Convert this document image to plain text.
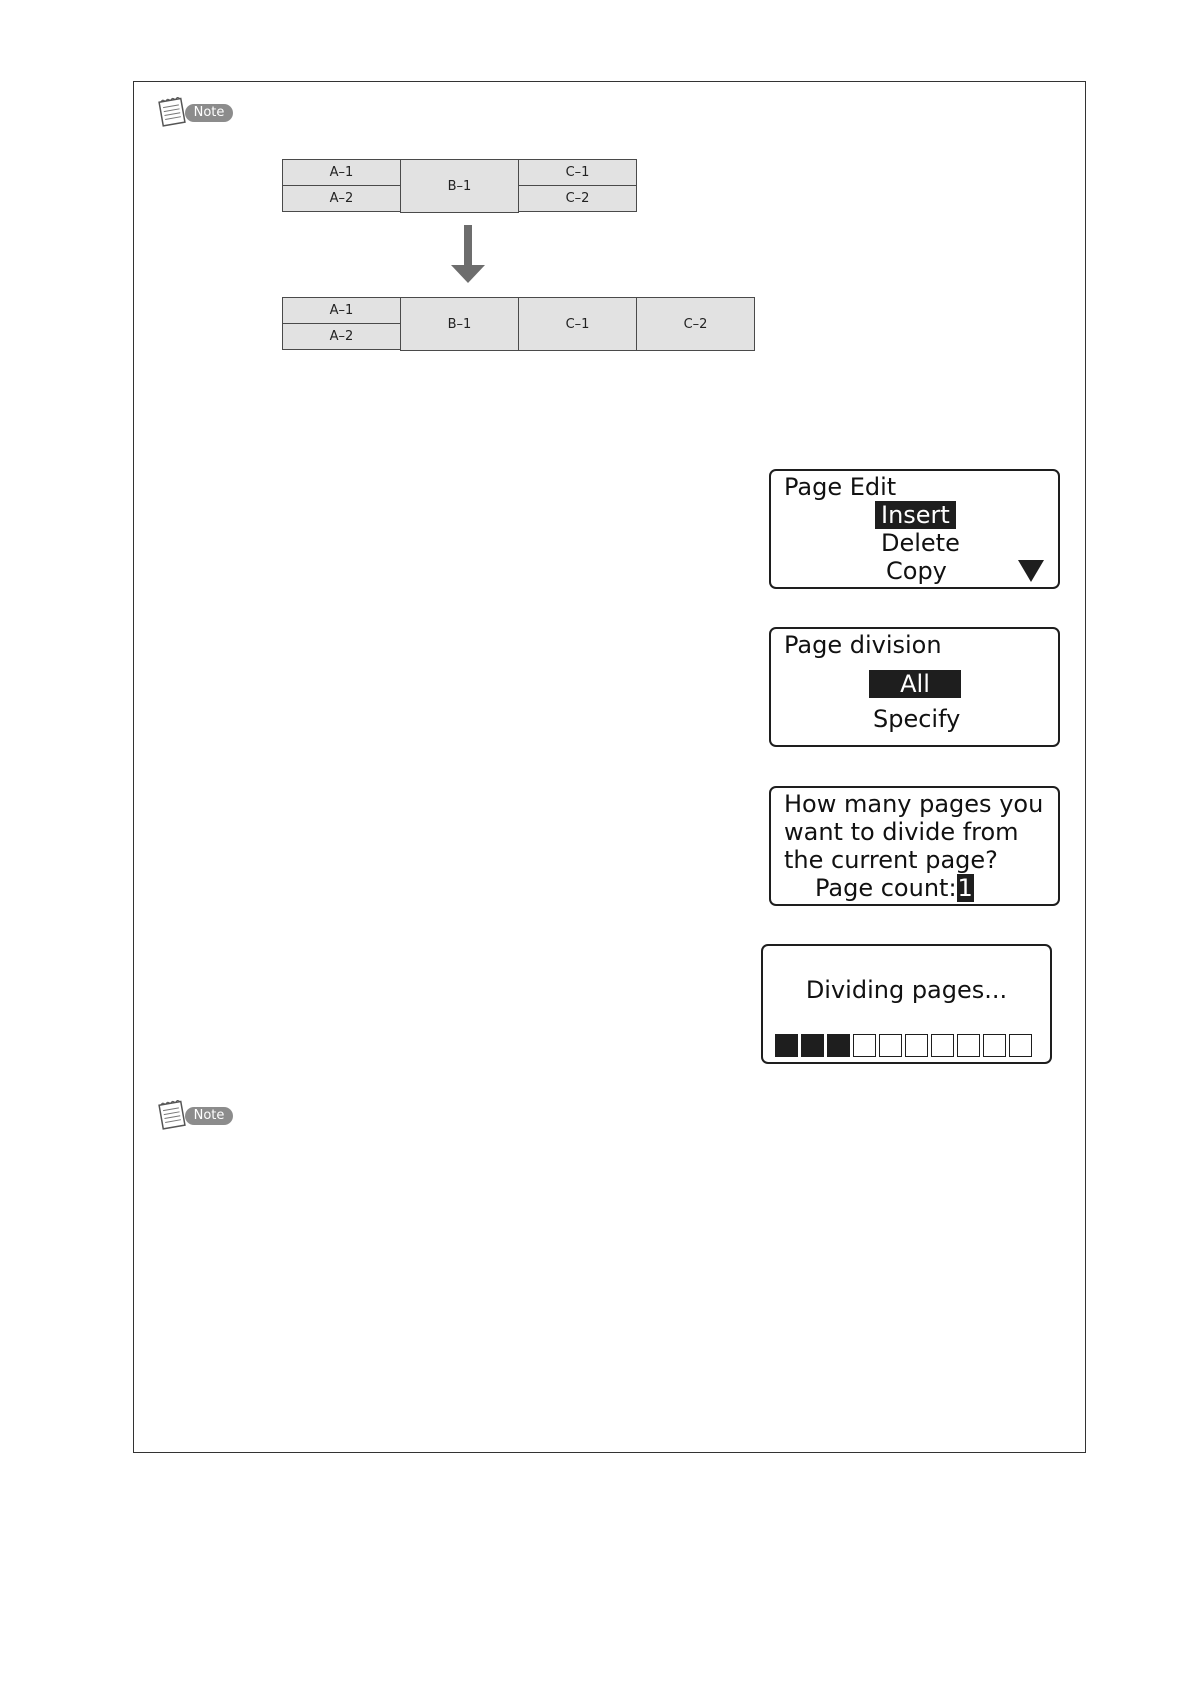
Note
A–1
A–2
B–1
C–1
C–2
A–1
A–2
B–1	C–1	C–2
Page Edit
Insert
Delete
Copy
Page division
All
Specify
How many pages you
want to divide from
the current page?
Page count:1
Dividing pages...
Note
